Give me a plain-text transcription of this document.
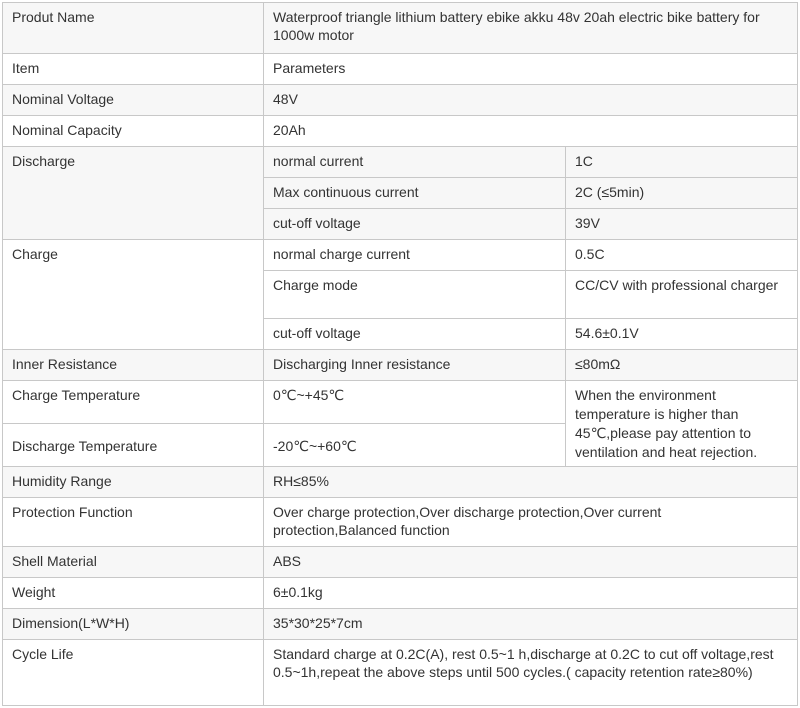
Produt Name	Waterproof triangle lithium battery ebike akku 48v 20ah electric bike battery for 1000w motor	
Item	Parameters	
Nominal Voltage	48V	
Nominal Capacity	20Ah	
Discharge	normal current	1C
	Max continuous current	2C (≤5min)
	cut-off voltage	39V
Charge	normal charge current	0.5C
	Charge mode	CC/CV with professional charger
	cut-off voltage	54.6±0.1V
Inner Resistance	Discharging Inner resistance	≤80mΩ
Charge Temperature	0℃~+45℃	When the environment temperature is higher than 45℃,please pay attention to ventilation and heat rejection.
Discharge Temperature	-20℃~+60℃	
Humidity Range	RH≤85%	
Protection Function	Over charge protection,Over discharge protection,Over current protection,Balanced function	
Shell Material	ABS	
Weight	6±0.1kg	
Dimension(L*W*H)	35*30*25*7cm	
Cycle Life	Standard charge at 0.2C(A), rest 0.5~1 h,discharge at 0.2C to cut off voltage,rest 0.5~1h,repeat the above steps until 500 cycles.( capacity retention rate≥80%)	
